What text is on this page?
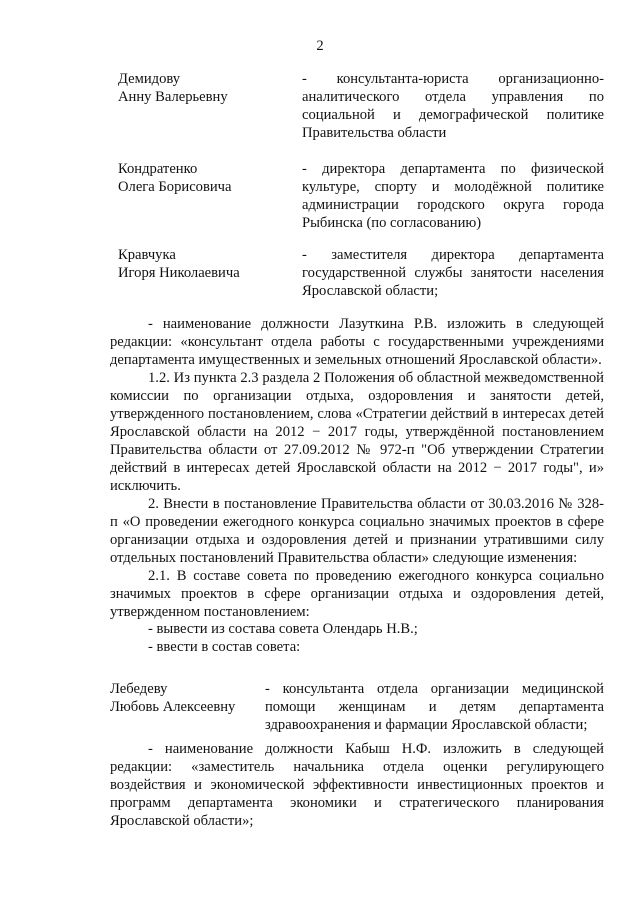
2
Демидову
Анну Валерьевну
- консультанта-юриста организационно-аналитического отдела управления по социальной и демографической политике Правительства области
Кондратенко
Олега Борисовича
- директора департамента по физической культуре, спорту и молодёжной политике администрации городского округа города Рыбинска (по согласованию)
Кравчука
Игоря Николаевича
- заместителя директора департамента государственной службы занятости населения Ярославской области;

- наименование должности Лазуткина Р.В. изложить в следующей редакции: «консультант отдела работы с государственными учреждениями департамента имущественных и земельных отношений Ярославской области».

1.2. Из пункта 2.3 раздела 2 Положения об областной межведомственной комиссии по организации отдыха, оздоровления и занятости детей, утвержденного постановлением, слова «Стратегии действий в интересах детей Ярославской области на 2012 − 2017 годы, утверждённой постановлением Правительства области от 27.09.2012 № 972-п "Об утверждении Стратегии действий в интересах детей Ярославской области на 2012 − 2017 годы", и» исключить.

2. Внести в постановление Правительства области от 30.03.2016 № 328-п «О проведении ежегодного конкурса социально значимых проектов в сфере организации отдыха и оздоровления детей и признании утратившими силу отдельных постановлений Правительства области» следующие изменения:

2.1. В составе совета по проведению ежегодного конкурса социально значимых проектов в сфере организации отдыха и оздоровления детей, утвержденном постановлением:

- вывести из состава совета Олендарь Н.В.;
- ввести в состав совета:
Лебедеву
Любовь Алексеевну
- консультанта отдела организации медицинской помощи женщинам и детям департамента здравоохранения и фармации Ярославской области;

- наименование должности Кабыш Н.Ф. изложить в следующей редакции: «заместитель начальника отдела оценки регулирующего воздействия и экономической эффективности инвестиционных проектов и программ департамента экономики и стратегического планирования Ярославской области»;
